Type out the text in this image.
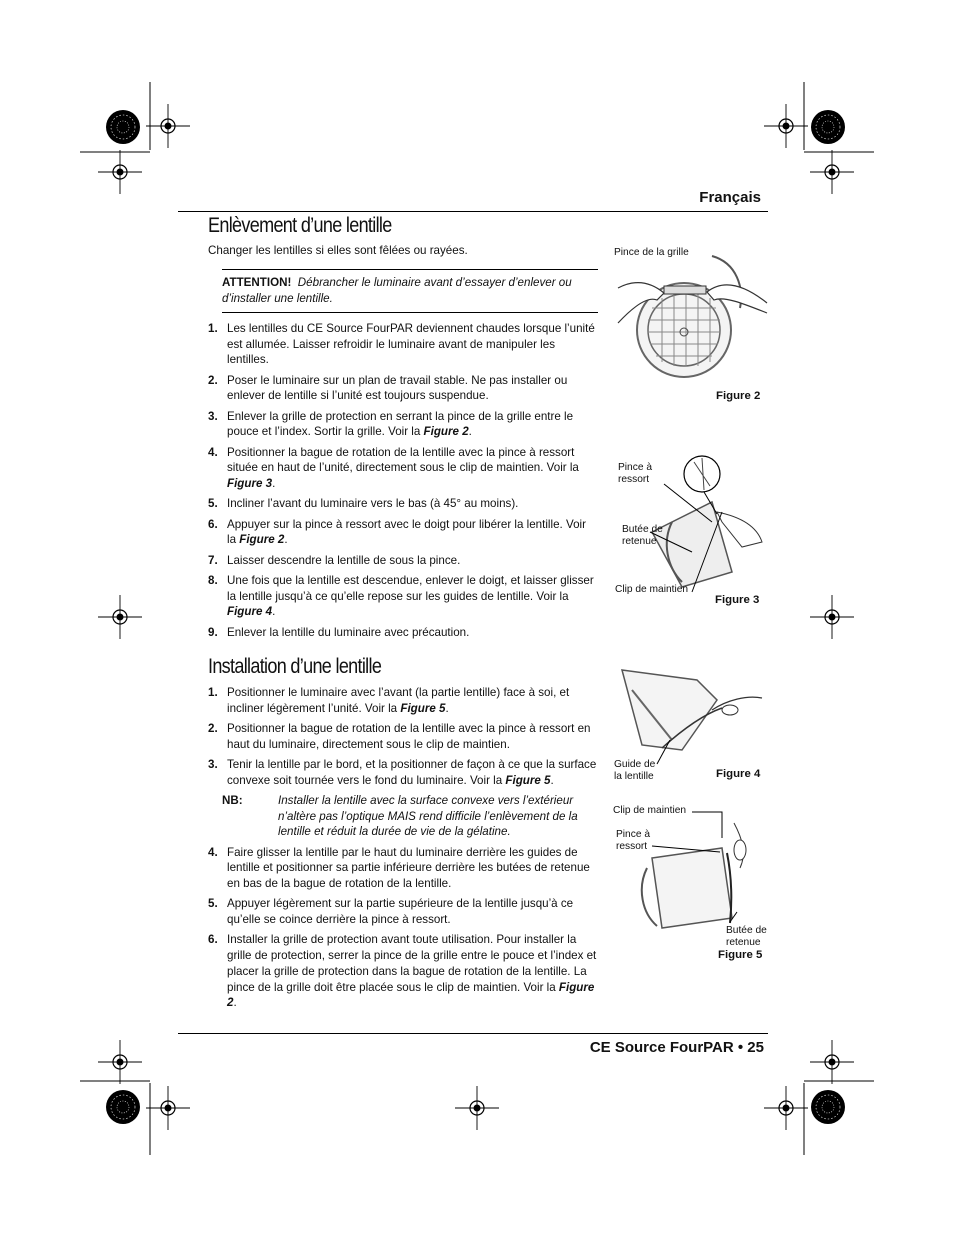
Français
Enlèvement d’une lentille
Changer les lentilles si elles sont fêlées ou rayées.
ATTENTION! Débrancher le luminaire avant d’essayer d’enlever ou d’installer une lentille.
1. Les lentilles du CE Source FourPAR deviennent chaudes lorsque l’unité est allumée. Laisser refroidir le luminaire avant de manipuler les lentilles.
2. Poser le luminaire sur un plan de travail stable. Ne pas installer ou enlever de lentille si l’unité est toujours suspendue.
3. Enlever la grille de protection en serrant la pince de la grille entre le pouce et l’index. Sortir la grille. Voir la Figure 2.
4. Positionner la bague de rotation de la lentille avec la pince à ressort située en haut de l’unité, directement sous le clip de maintien. Voir la Figure 3.
5. Incliner l’avant du luminaire vers le bas (à 45° au moins).
6. Appuyer sur la pince à ressort avec le doigt pour libérer la lentille. Voir la Figure 2.
7. Laisser descendre la lentille de sous la pince.
8. Une fois que la lentille est descendue, enlever le doigt, et laisser glisser la lentille jusqu’à ce qu’elle repose sur les guides de lentille. Voir la Figure 4.
9. Enlever la lentille du luminaire avec précaution.
Installation d’une lentille
1. Positionner le luminaire avec l’avant (la partie lentille) face à soi, et incliner légèrement l’unité. Voir la Figure 5.
2. Positionner la bague de rotation de la lentille avec la pince à ressort en haut du luminaire, directement sous le clip de maintien.
3. Tenir la lentille par le bord, et la positionner de façon à ce que la surface convexe soit tournée vers le fond du luminaire. Voir la Figure 5.
NB:	Installer la lentille avec la surface convexe vers l’extérieur n’altère pas l’optique MAIS rend difficile l’enlèvement de la lentille et réduit la durée de vie de la gélatine.
4. Faire glisser la lentille par le haut du luminaire derrière les guides de lentille et positionner sa partie inférieure derrière les butées de retenue en bas de la bague de rotation de la lentille.
5. Appuyer légèrement sur la partie supérieure de la lentille jusqu’à ce qu’elle se coince derrière la pince à ressort.
6. Installer la grille de protection avant toute utilisation. Pour installer la grille de protection, serrer la pince de la grille entre le pouce et l’index et placer la grille de protection dans la bague de rotation de la lentille. La pince de la grille doit être placée sous le clip de maintien. Voir la Figure 2.
CE Source FourPAR • 25
Pince de la grille
Figure 2
Pince à
ressort
Butée de
retenue
Clip de maintien
Figure 3
Guide de
la lentille	Figure 4
Clip de maintien
Pince à
ressort
Butée de
retenue
Figure 5
